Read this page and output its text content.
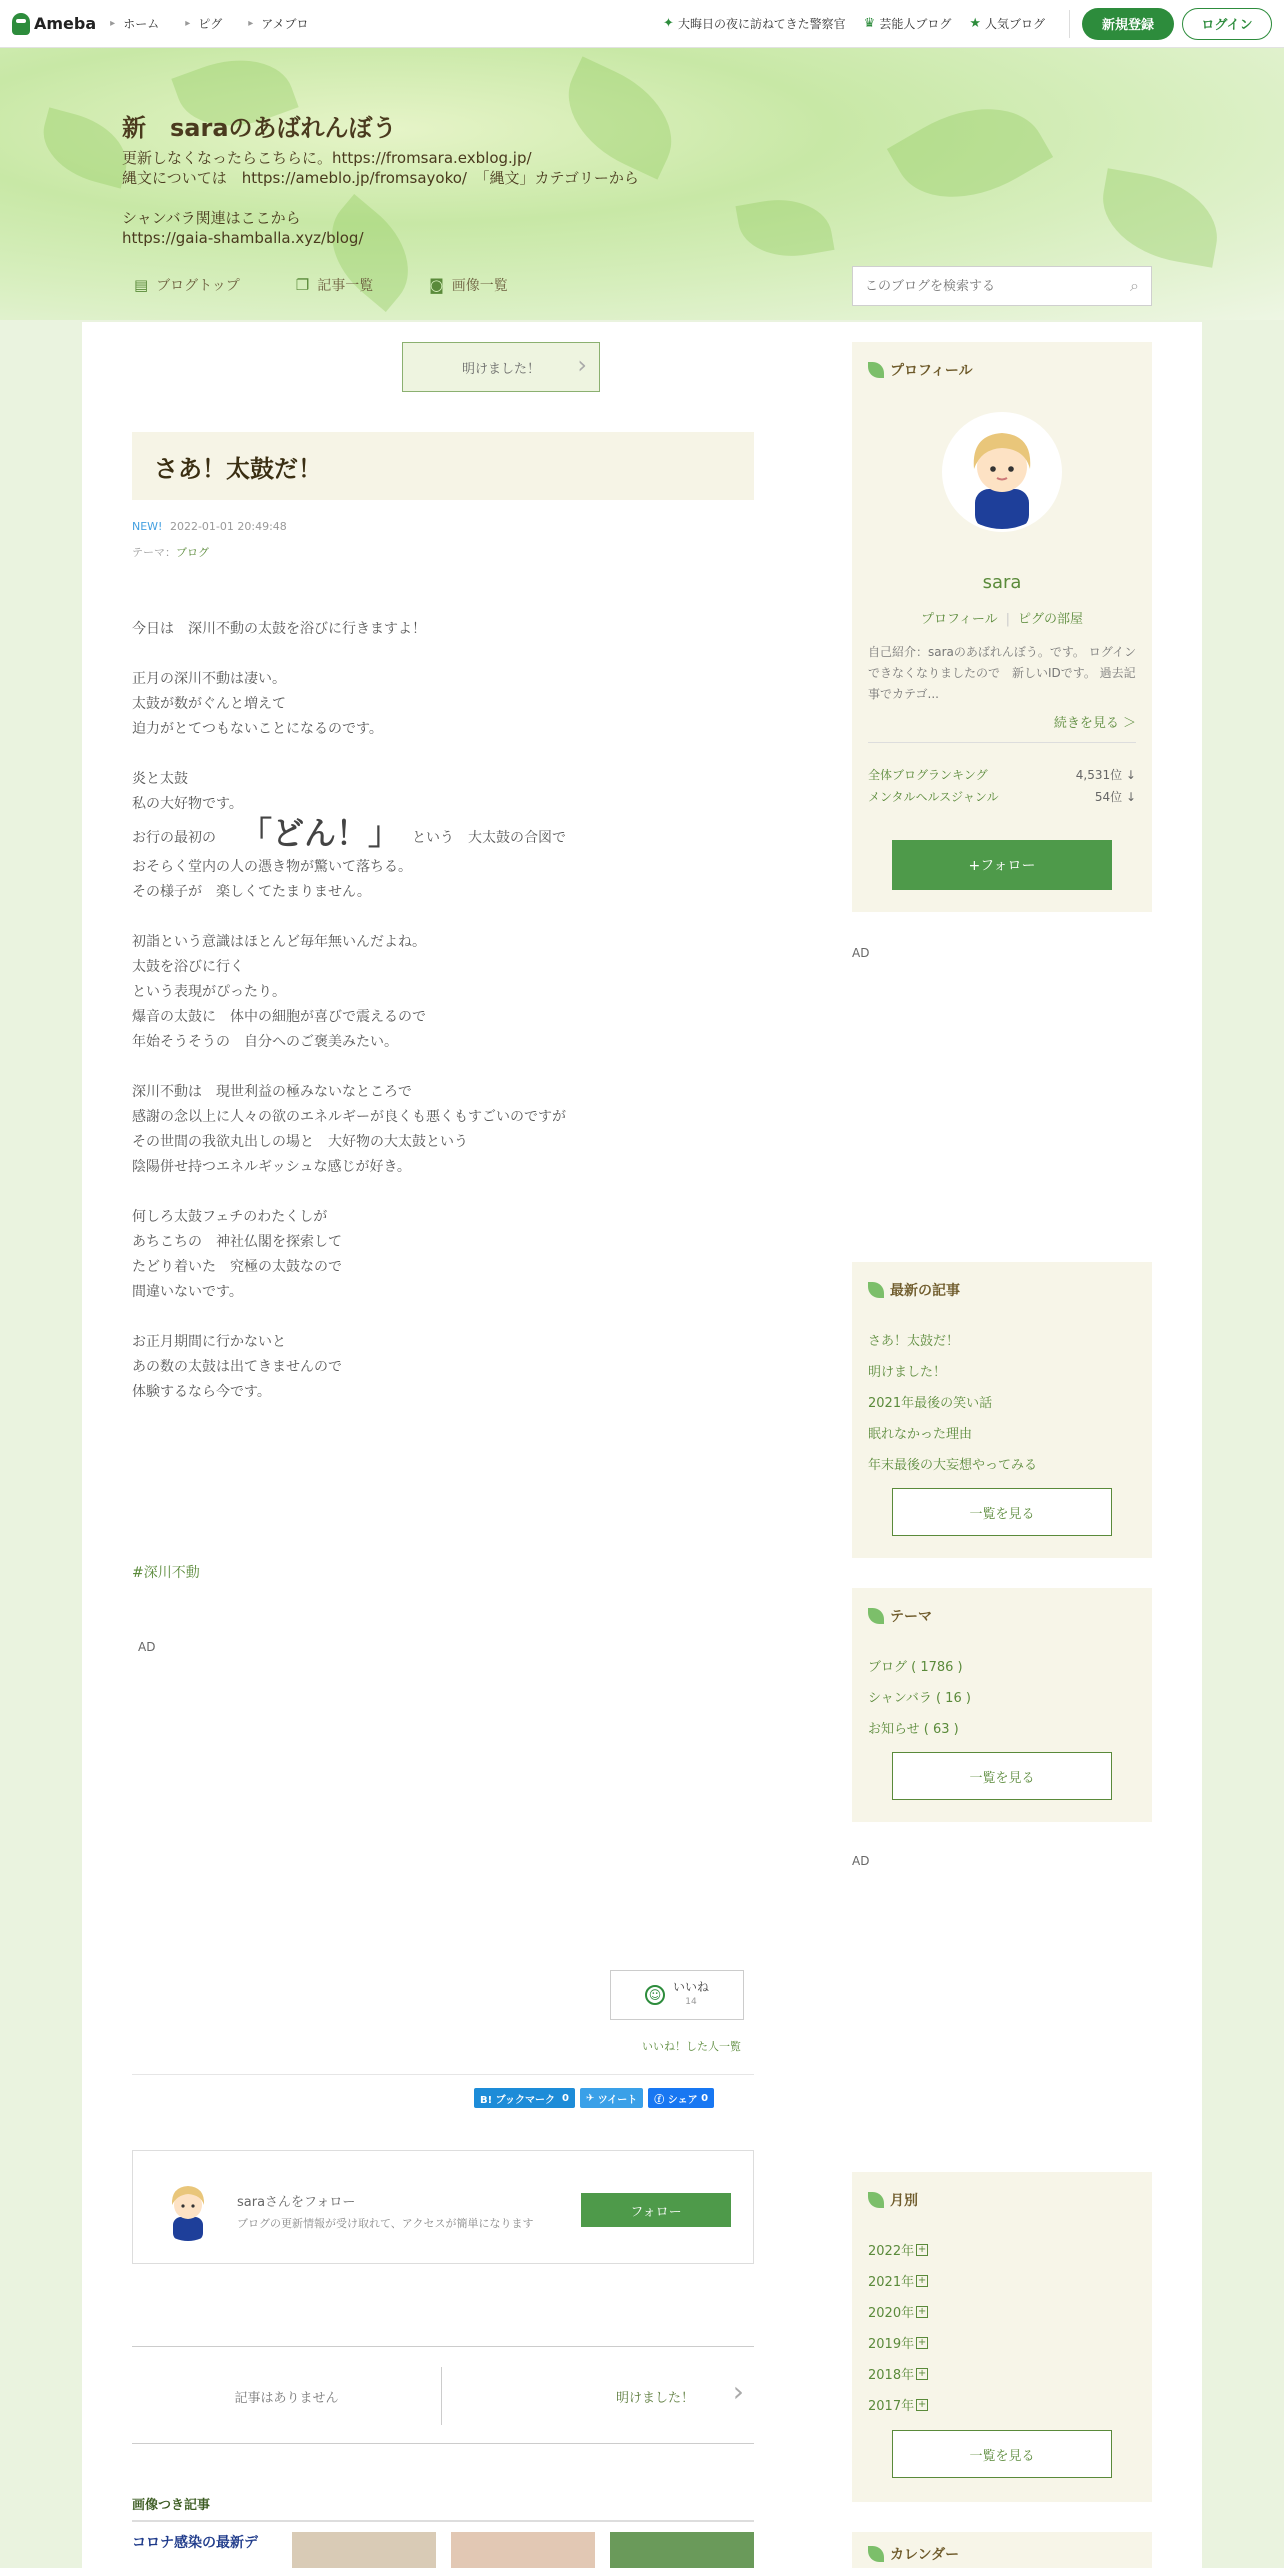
Ameba	▸ ホーム	▸ ピグ	▸ アメブロ	✦ 大晦日の夜に訪ねてきた警察官 ♛ 芸能人ブログ ★ 人気ブログ	新規登録	ログイン
新　saraのあばれんぼう
更新しなくなったらこちらに。https://fromsara.exblog.jp/
縄文については　https://ameblo.jp/fromsayoko/　「縄文」カテゴリーから
シャンバラ関連はここから
https://gaia-shamballa.xyz/blog/
▤ ブログトップ	❐ 記事一覧	◙ 画像一覧
このブログを検索する	⌕
明けました！ ›
さあ！太鼓だ！
NEW! 2022-01-01 20:49:48
テーマ：ブログ
今日は　深川不動の太鼓を浴びに行きますよ！
正月の深川不動は凄い。
太鼓が数がぐんと増えて
迫力がとてつもないことになるのです。
炎と太鼓
私の大好物です。
お行の最初の 「どん！」 という　大太鼓の合図で
おそらく堂内の人の憑き物が驚いて落ちる。
その様子が　楽しくてたまりません。
初詣という意識はほとんど毎年無いんだよね。
太鼓を浴びに行く
という表現がぴったり。
爆音の太鼓に　体中の細胞が喜びで震えるので
年始そうそうの　自分へのご褒美みたい。
深川不動は　現世利益の極みないなところで
感謝の念以上に人々の欲のエネルギーが良くも悪くもすごいのですが
その世間の我欲丸出しの場と　大好物の大太鼓という
陰陽併せ持つエネルギッシュな感じが好き。
何しろ太鼓フェチのわたくしが
あちこちの　神社仏閣を探索して
たどり着いた　究極の太鼓なので
間違いないです。
お正月期間に行かないと
あの数の太鼓は出てきませんので
体験するなら今です。
#深川不動
AD
☺
いいね
14
いいね！した人一覧
B! ブックマーク
0 ✈
ツイート ⓕ
シェア
0
saraさんをフォロー
ブログの更新情報が受け取れて、アクセスが簡単になります
フォロー
記事はありません	明けました！ ›
画像つき記事
コロナ感染の最新デ
プロフィール
sara
プロフィール | ピグの部屋
自己紹介：saraのあばれんぼう。です。 ログインできなくなりましたので　新しいIDです。 過去記事でカテゴ...
続きを見る ＞
全体ブログランキング	4,531位 ↓
メンタルヘルスジャンル	54位 ↓
+フォロー
AD
最新の記事
さあ！太鼓だ！
明けました！
2021年最後の笑い話
眠れなかった理由
年末最後の大妄想やってみる
一覧を見る
テーマ
ブログ ( 1786 )
シャンバラ ( 16 )
お知らせ ( 63 )
一覧を見る
AD
月別
2022年 +
2021年 +
2020年 +
2019年 +
2018年 +
2017年 +
一覧を見る
カレンダー
